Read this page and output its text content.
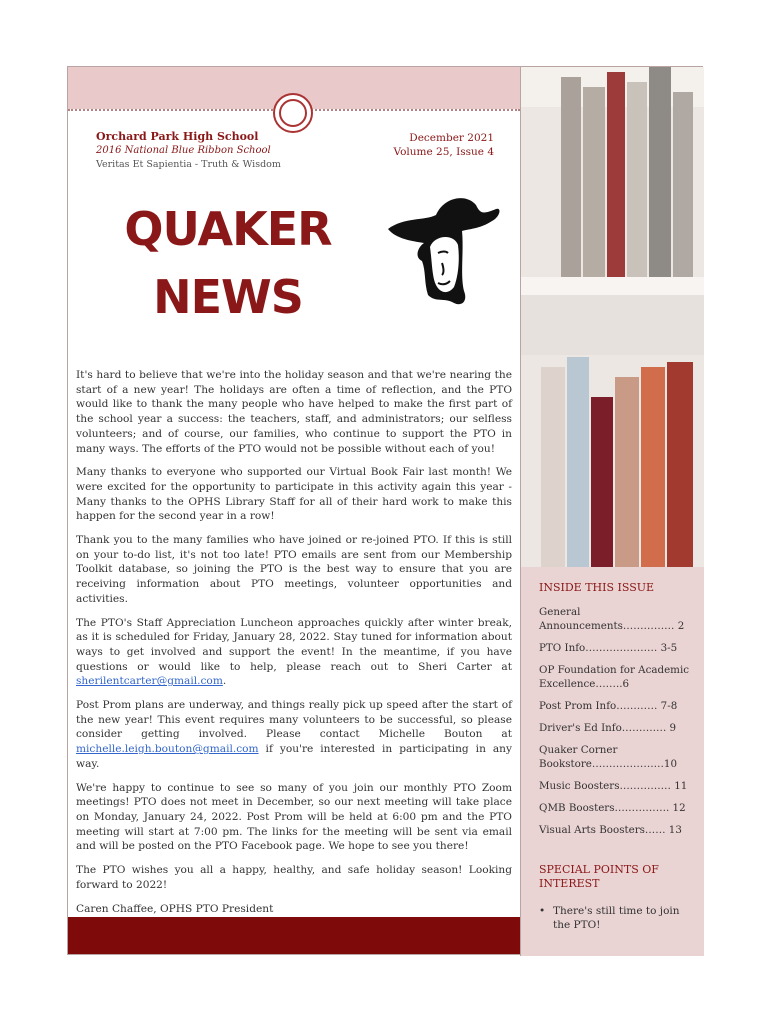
Orchard Park High School
2016 National Blue Ribbon School
Veritas Et Sapientia - Truth & Wisdom
December 2021
Volume 25, Issue 4
QUAKER
NEWS

It's hard to believe that we're into the holiday season and that we're nearing the start of a new year! The holidays are often a time of reflection, and the PTO would like to thank the many people who have helped to make the first part of the school year a success: the teachers, staff, and administrators; our selfless volunteers; and of course, our families, who continue to support the PTO in many ways. The efforts of the PTO would not be possible without each of you!

Many thanks to everyone who supported our Virtual Book Fair last month! We were excited for the opportunity to participate in this activity again this year - Many thanks to the OPHS Library Staff for all of their hard work to make this happen for the second year in a row!

Thank you to the many families who have joined or re-joined PTO. If this is still on your to-do list, it's not too late! PTO emails are sent from our Membership Toolkit database, so joining the PTO is the best way to ensure that you are receiving information about PTO meetings, volunteer opportunities and activities.

The PTO's Staff Appreciation Luncheon approaches quickly after winter break, as it is scheduled for Friday, January 28, 2022. Stay tuned for information about ways to get involved and support the event! In the meantime, if you have questions or would like to help, please reach out to Sheri Carter at sherilentcarter@gmail.com.

Post Prom plans are underway, and things really pick up speed after the start of the new year! This event requires many volunteers to be successful, so please consider getting involved. Please contact Michelle Bouton at michelle.leigh.bouton@gmail.com if you're interested in participating in any way.

We're happy to continue to see so many of you join our monthly PTO Zoom meetings! PTO does not meet in December, so our next meeting will take place on Monday, January 24, 2022. Post Prom will be held at 6:00 pm and the PTO meeting will start at 7:00 pm. The links for the meeting will be sent via email and will be posted on the PTO Facebook page. We hope to see you there!

The PTO wishes you all a happy, healthy, and safe holiday season! Looking forward to 2022!

Caren Chaffee, OPHS PTO President

INSIDE THIS ISSUE
General Announcements…………… 2
PTO Info………………… 3-5
OP Foundation for Academic Excellence……..6
Post Prom Info………… 7-8
Driver's Ed Info…………. 9
Quaker Corner Bookstore…………………10
Music Boosters…………… 11
QMB Boosters……………. 12
Visual Arts Boosters…… 13
SPECIAL POINTS OF INTEREST
• There's still time to join the PTO!
